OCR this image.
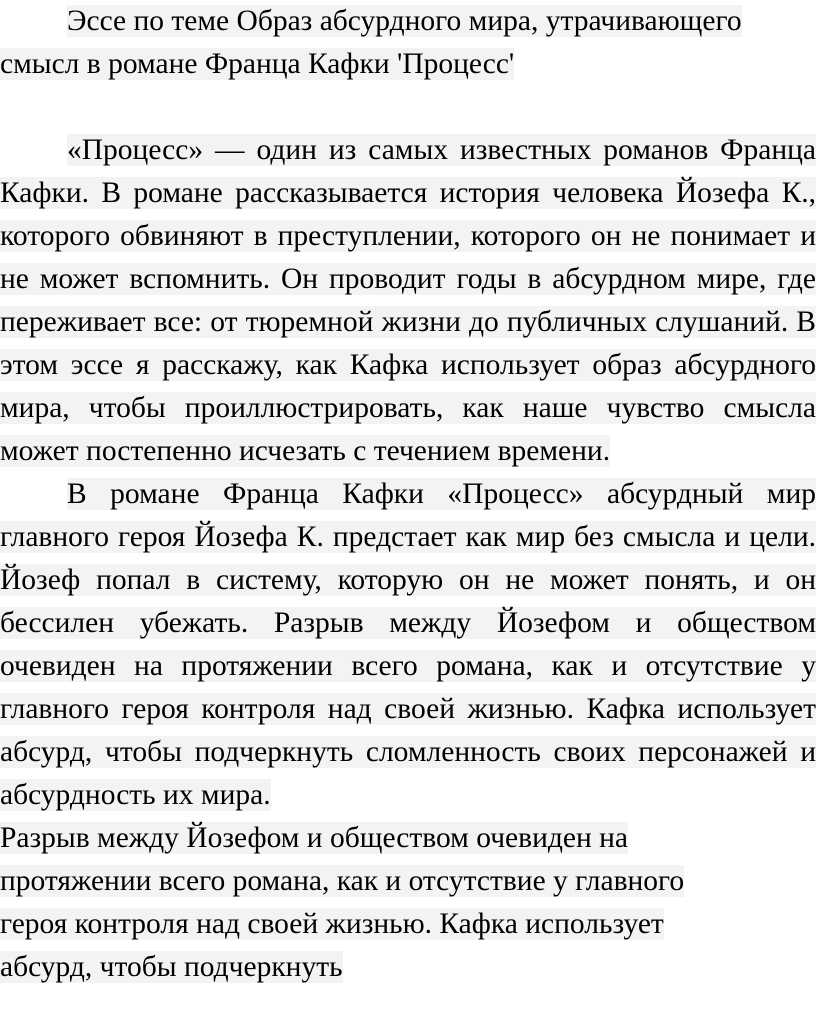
Эссе по теме Образ абсурдного мира, утрачивающего смысл в романе Франца Кафки 'Процесс'

«Процесс» — один из самых известных романов Франца Кафки. В романе рассказывается история человека Йозефа К., которого обвиняют в преступлении, которого он не понимает и не может вспомнить. Он проводит годы в абсурдном мире, где переживает все: от тюремной жизни до публичных слушаний. В этом эссе я расскажу, как Кафка использует образ абсурдного мира, чтобы проиллюстрировать, как наше чувство смысла может постепенно исчезать с течением времени.

В романе Франца Кафки «Процесс» абсурдный мир главного героя Йозефа К. предстает как мир без смысла и цели. Йозеф попал в систему, которую он не может понять, и он бессилен убежать. Разрыв между Йозефом и обществом очевиден на протяжении всего романа, как и отсутствие у главного героя контроля над своей жизнью. Кафка использует абсурд, чтобы подчеркнуть сломленность своих персонажей и абсурдность их мира.

Разрыв между Йозефом и обществом очевиден на
протяжении всего романа, как и отсутствие у главного
героя контроля над своей жизнью. Кафка использует
абсурд, чтобы подчеркнуть
